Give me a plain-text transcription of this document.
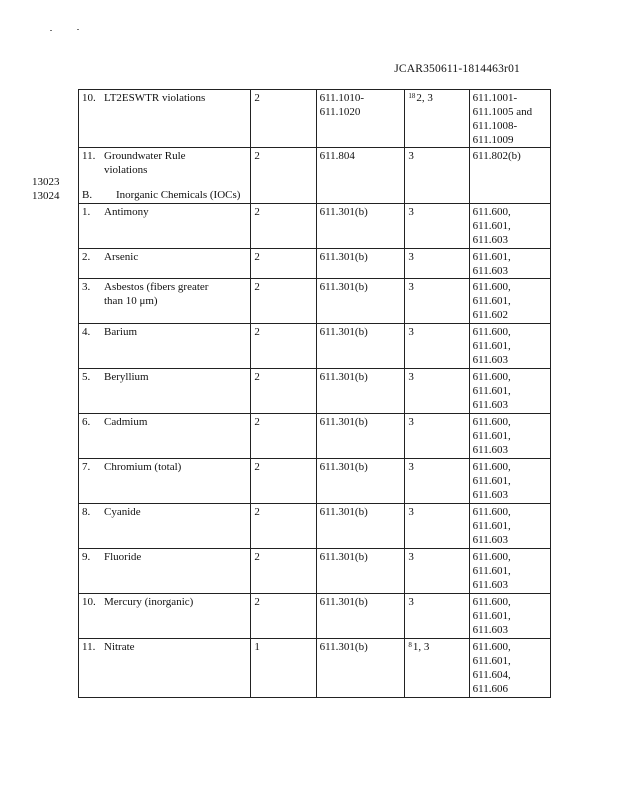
JCAR350611-1814463r01
10. LT2ESWTR violations	2	611.1010-
611.1020	$^{18}$2, 3	611.1001-
611.1005 and
611.1008-
611.1009

11. Groundwater Rule
violations	2	611.804	3	611.802(b)
13023
13024 B. Inorganic Chemicals (IOCs)
1. Antimony	2	611.301(b)	3	611.600,
611.601,
611.603

2. Arsenic	2	611.301(b)	3	611.601,
611.603

3. Asbestos (fibers greater
than 10 μm)	2	611.301(b)	3	611.600,
611.601,
611.602

4. Barium	2	611.301(b)	3	611.600,
611.601,
611.603

5. Beryllium	2	611.301(b)	3	611.600,
611.601,
611.603

6. Cadmium	2	611.301(b)	3	611.600,
611.601,
611.603

7. Chromium (total)	2	611.301(b)	3	611.600,
611.601,
611.603

8. Cyanide	2	611.301(b)	3	611.600,
611.601,
611.603

9. Fluoride	2	611.301(b)	3	611.600,
611.601,
611.603

10. Mercury (inorganic)	2	611.301(b)	3	611.600,
611.601,
611.603

11. Nitrate	1	611.301(b)	$^8$1, 3	611.600,
611.601,
611.604,
611.606
